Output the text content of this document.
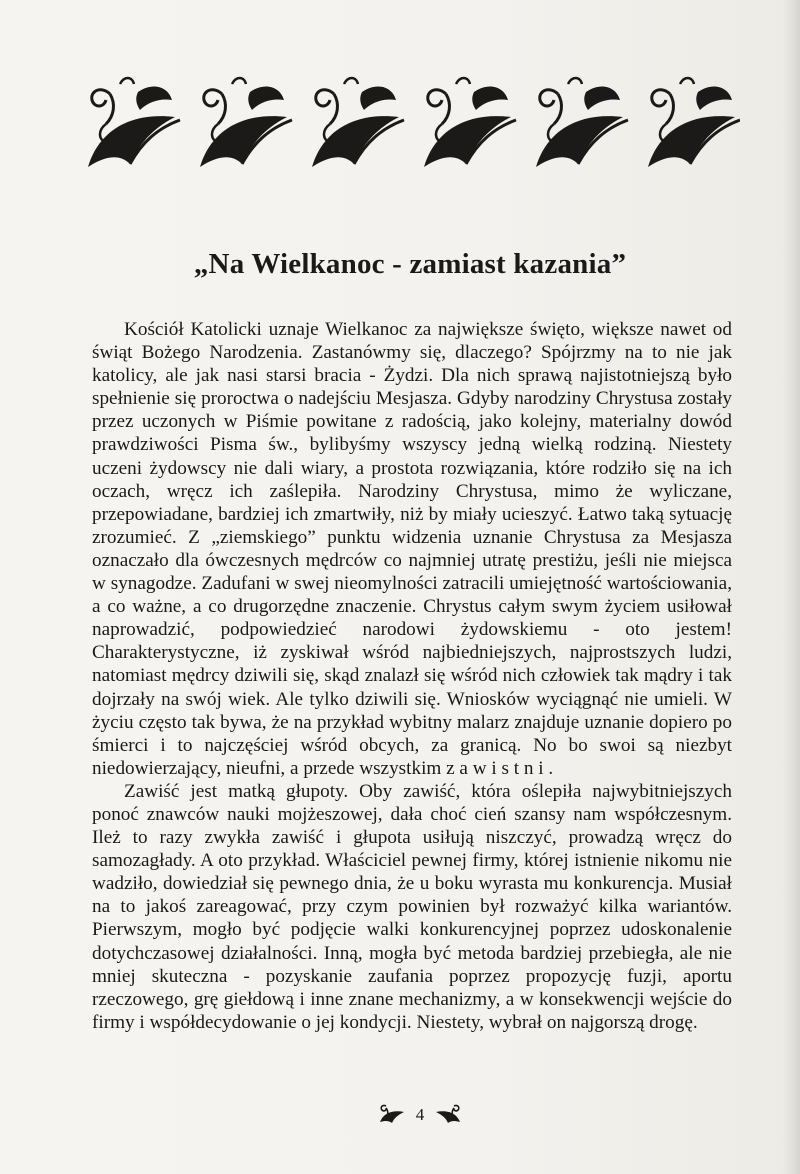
„Na Wielkanoc - zamiast kazania”

Kościół Katolicki uznaje Wielkanoc za największe święto, większe nawet od świąt Bożego Narodzenia. Zastanówmy się, dlaczego? Spójrzmy na to nie jak katolicy, ale jak nasi starsi bracia - Żydzi. Dla nich sprawą najistotniejszą było spełnienie się proroctwa o nadejściu Mesjasza. Gdyby narodziny Chrystusa zostały przez uczonych w Piśmie powitane z radością, jako kolejny, materialny dowód prawdziwości Pisma św., bylibyśmy wszyscy jedną wielką rodziną. Niestety uczeni żydowscy nie dali wiary, a prostota rozwiązania, które rodziło się na ich oczach, wręcz ich zaślepiła. Narodziny Chrystusa, mimo że wyliczane, przepowiadane, bardziej ich zmartwiły, niż by miały ucieszyć. Łatwo taką sytuację zrozumieć. Z „ziemskiego” punktu widzenia uznanie Chrystusa za Mesjasza oznaczało dla ówczesnych mędrców co najmniej utratę prestiżu, jeśli nie miejsca w synagodze. Zadufani w swej nieomylności zatracili umiejętność wartościowania, a co ważne, a co drugorzędne znaczenie. Chrystus całym swym życiem usiłował naprowadzić, podpowiedzieć narodowi żydowskiemu - oto jestem! Charakterystyczne, iż zyskiwał wśród najbiedniejszych, najprostszych ludzi, natomiast mędrcy dziwili się, skąd znalazł się wśród nich człowiek tak mądry i tak dojrzały na swój wiek. Ale tylko dziwili się. Wniosków wyciągnąć nie umieli. W życiu często tak bywa, że na przykład wybitny malarz znajduje uznanie dopiero po śmierci i to najczęściej wśród obcych, za granicą. No bo swoi są niezbyt niedowierzający, nieufni, a przede wszystkim z a w i s t n i .

Zawiść jest matką głupoty. Oby zawiść, która oślepiła najwybitniejszych ponoć znawców nauki mojżeszowej, dała choć cień szansy nam współczesnym. Ileż to razy zwykła zawiść i głupota usiłują niszczyć, prowadzą wręcz do samozagłady. A oto przykład. Właściciel pewnej firmy, której istnienie nikomu nie wadziło, dowiedział się pewnego dnia, że u boku wyrasta mu konkurencja. Musiał na to jakoś zareagować, przy czym powinien był rozważyć kilka wariantów. Pierwszym, mogło być podjęcie walki konkurencyjnej poprzez udoskonalenie dotychczasowej działalności. Inną, mogła być metoda bardziej przebiegła, ale nie mniej skuteczna - pozyskanie zaufania poprzez propozycję fuzji, aportu rzeczowego, grę giełdową i inne znane mechanizmy, a w konsekwencji wejście do firmy i współdecydowanie o jej kondycji. Niestety, wybrał on najgorszą drogę.

4
